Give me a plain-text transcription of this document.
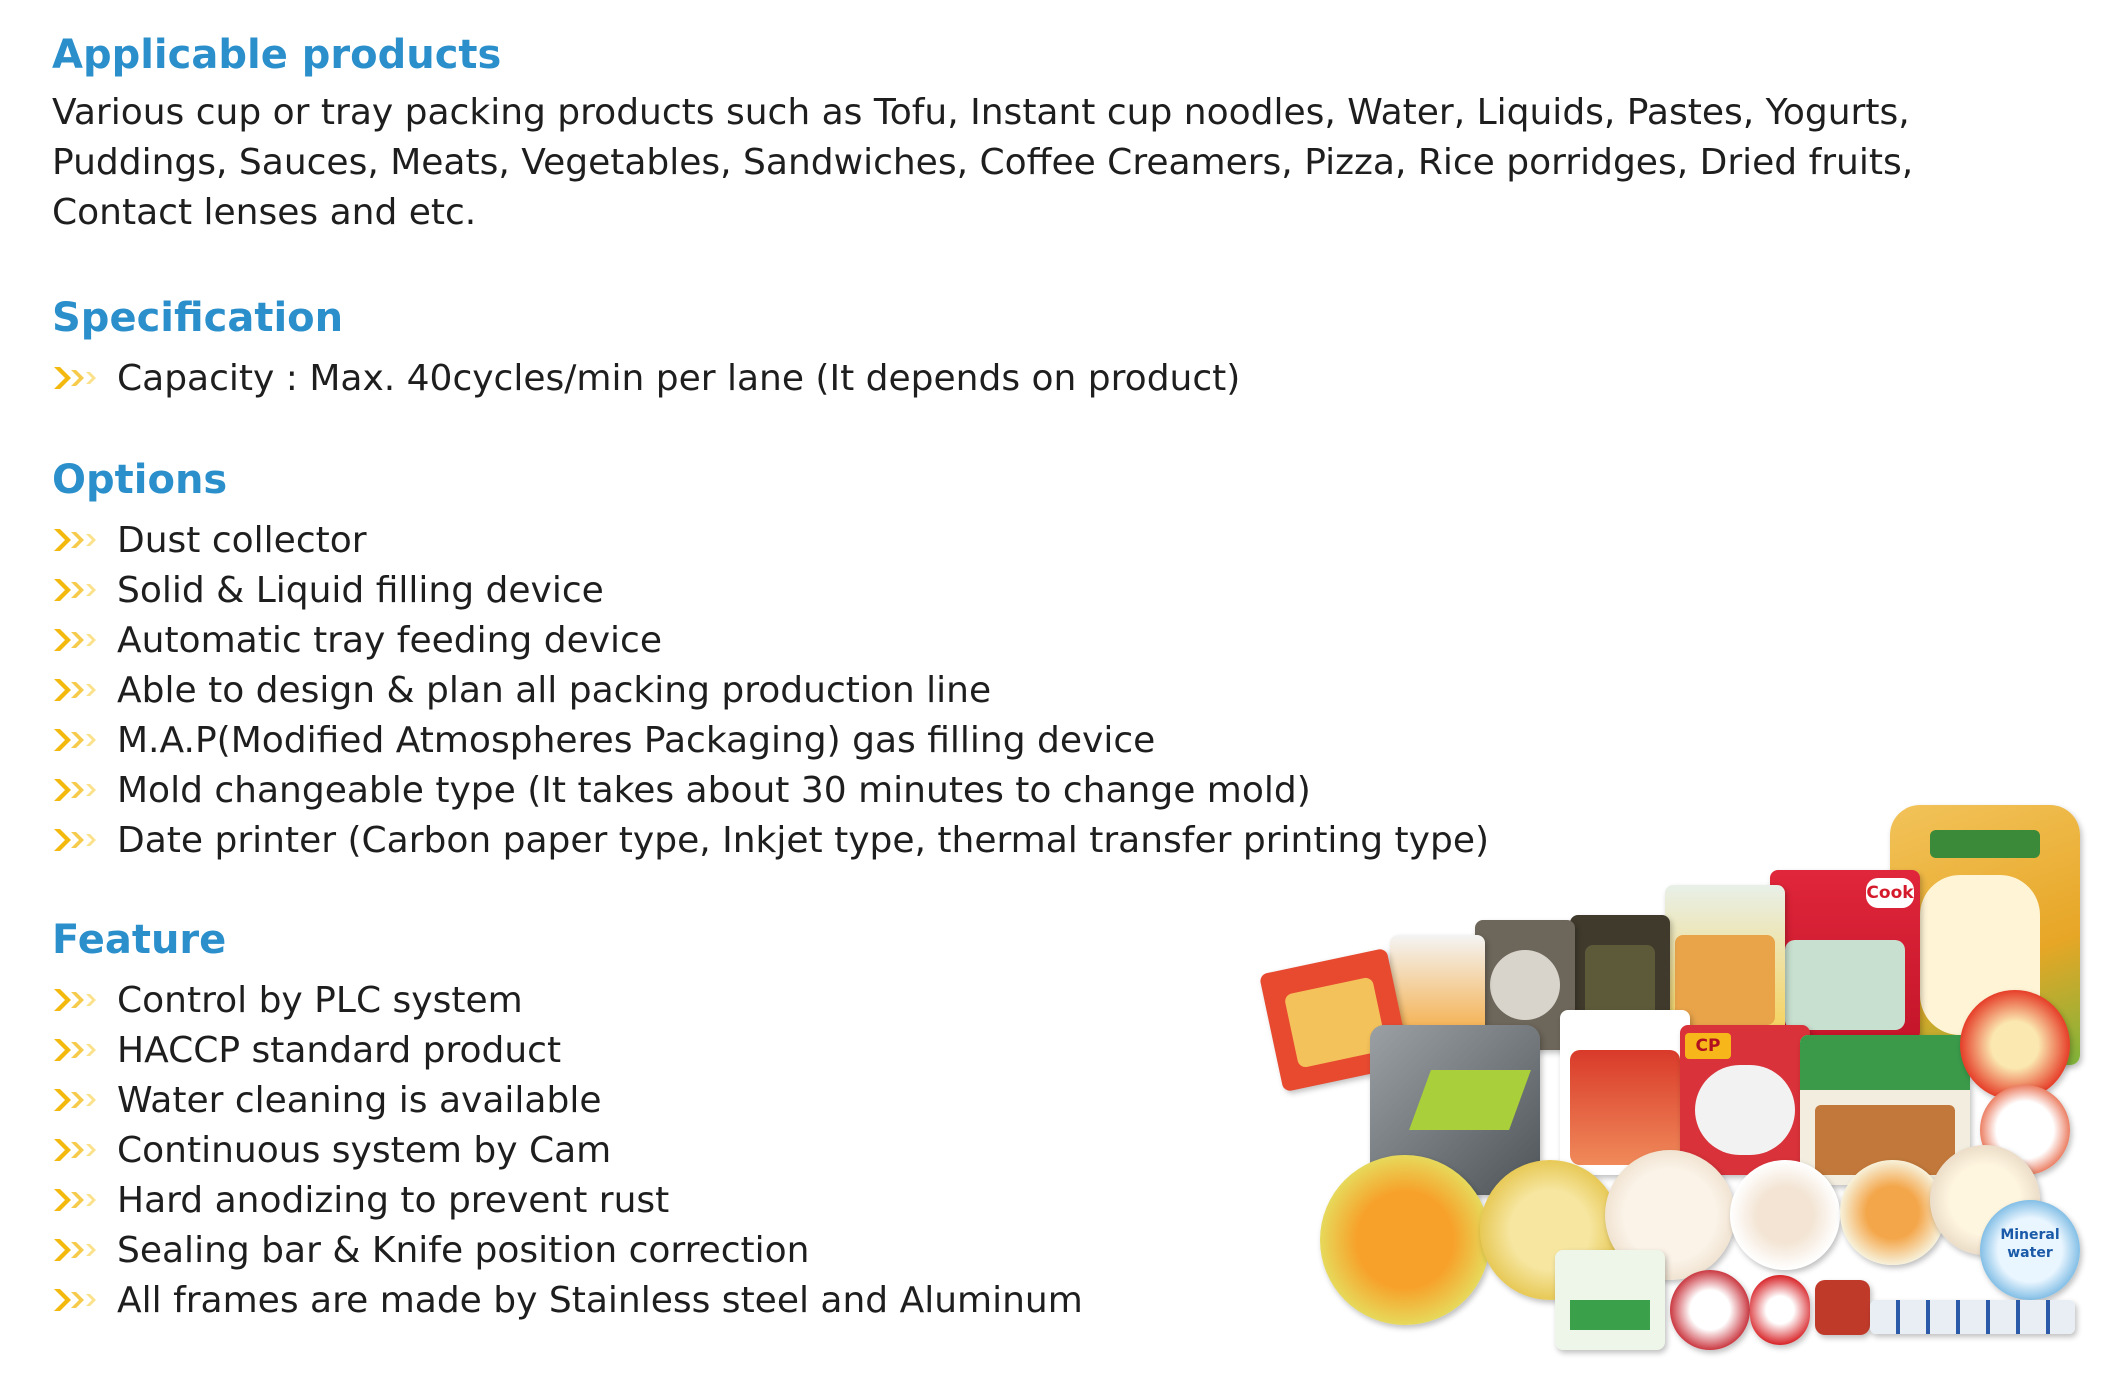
Applicable products

Various cup or tray packing products such as Tofu, Instant cup noodles, Water, Liquids, Pastes, Yogurts, Puddings, Sauces, Meats, Vegetables, Sandwiches, Coffee Creamers, Pizza, Rice porridges, Dried fruits, Contact lenses and etc.

Specification
Capacity : Max. 40cycles/min per lane (It depends on product)
Options
Dust collector
Solid & Liquid filling device
Automatic tray feeding device
Able to design & plan all packing production line
M.A.P(Modified Atmospheres Packaging) gas filling device
Mold changeable type (It takes about 30 minutes to change mold)
Date printer (Carbon paper type, Inkjet type, thermal transfer printing type)
Feature
Control by PLC system
HACCP standard product
Water cleaning is available
Continuous system by Cam
Hard anodizing to prevent rust
Sealing bar & Knife position correction
All frames are made by Stainless steel and Aluminum
Cook
CP
Mineral water
